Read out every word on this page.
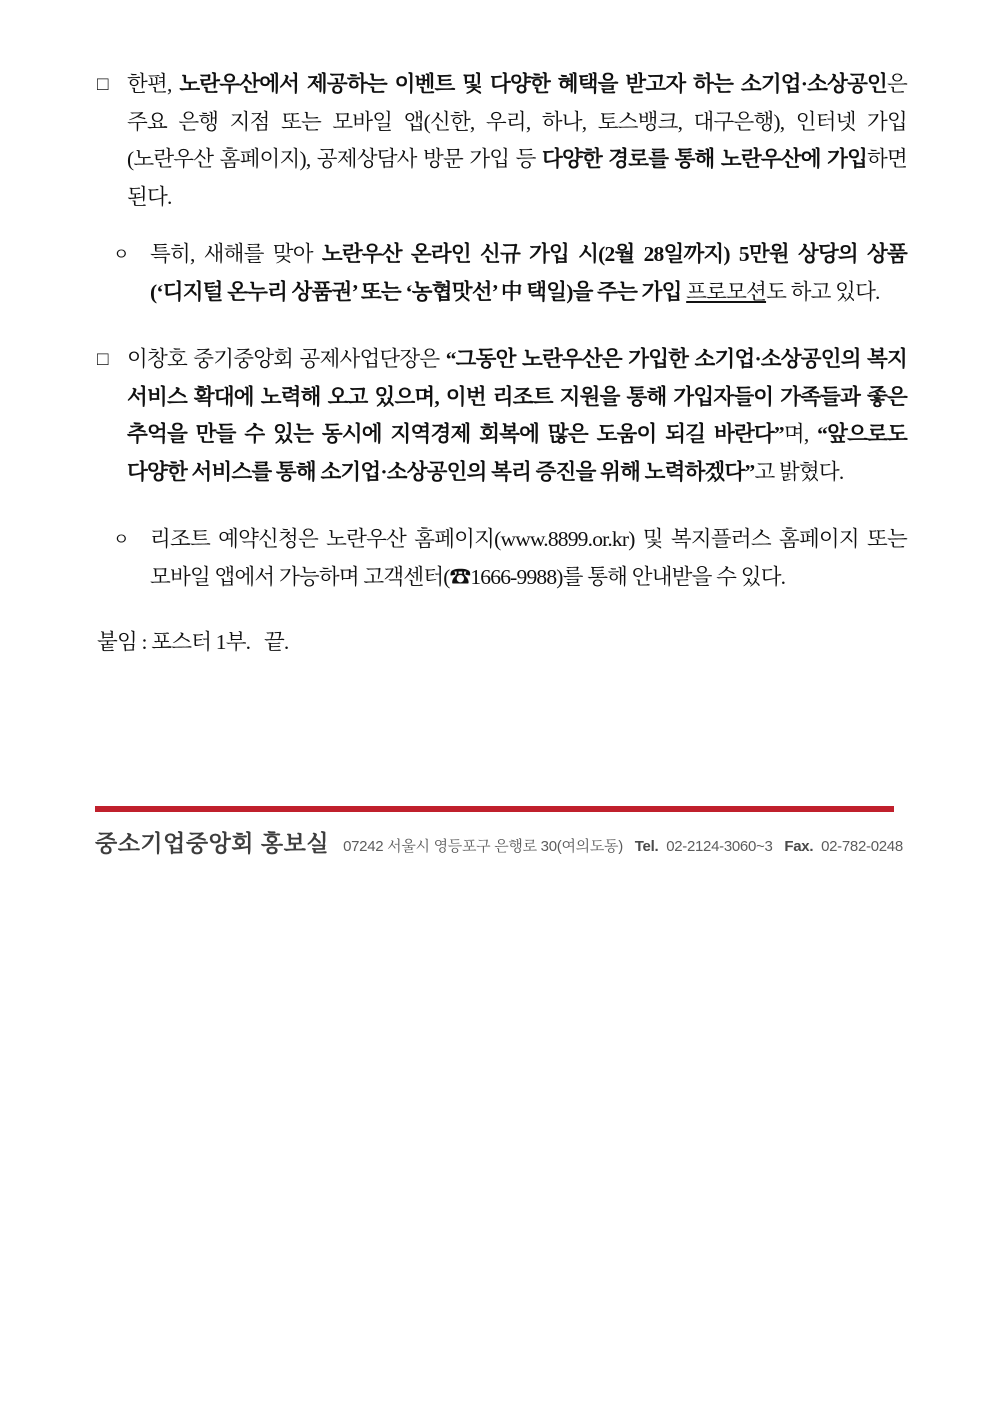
□ 한편, 노란우산에서 제공하는 이벤트 및 다양한 혜택을 받고자 하는 소기업·소상공인은 주요 은행 지점 또는 모바일 앱(신한, 우리, 하나, 토스뱅크, 대구은행), 인터넷 가입(노란우산 홈페이지), 공제상담사 방문 가입 등 다양한 경로를 통해 노란우산에 가입하면 된다.
ㅇ 특히, 새해를 맞아 노란우산 온라인 신규 가입 시(2월 28일까지) 5만원 상당의 상품(‘디지털 온누리 상품권’ 또는 ‘농협맛선’ 中 택일)을 주는 가입 프로모션도 하고 있다.
□ 이창호 중기중앙회 공제사업단장은 “그동안 노란우산은 가입한 소기업·소상공인의 복지 서비스 확대에 노력해 오고 있으며, 이번 리조트 지원을 통해 가입자들이 가족들과 좋은 추억을 만들 수 있는 동시에 지역경제 회복에 많은 도움이 되길 바란다”며, “앞으로도 다양한 서비스를 통해 소기업·소상공인의 복리 증진을 위해 노력하겠다”고 밝혔다.
ㅇ 리조트 예약신청은 노란우산 홈페이지(www.8899.or.kr) 및 복지플러스 홈페이지 또는 모바일 앱에서 가능하며 고객센터(☎1666-9988)를 통해 안내받을 수 있다.
붙임 : 포스터 1부.   끝.
중소기업중앙회 홍보실 07242 서울시 영등포구 은행로 30(여의도동) Tel. 02-2124-3060~3 Fax. 02-782-0248
